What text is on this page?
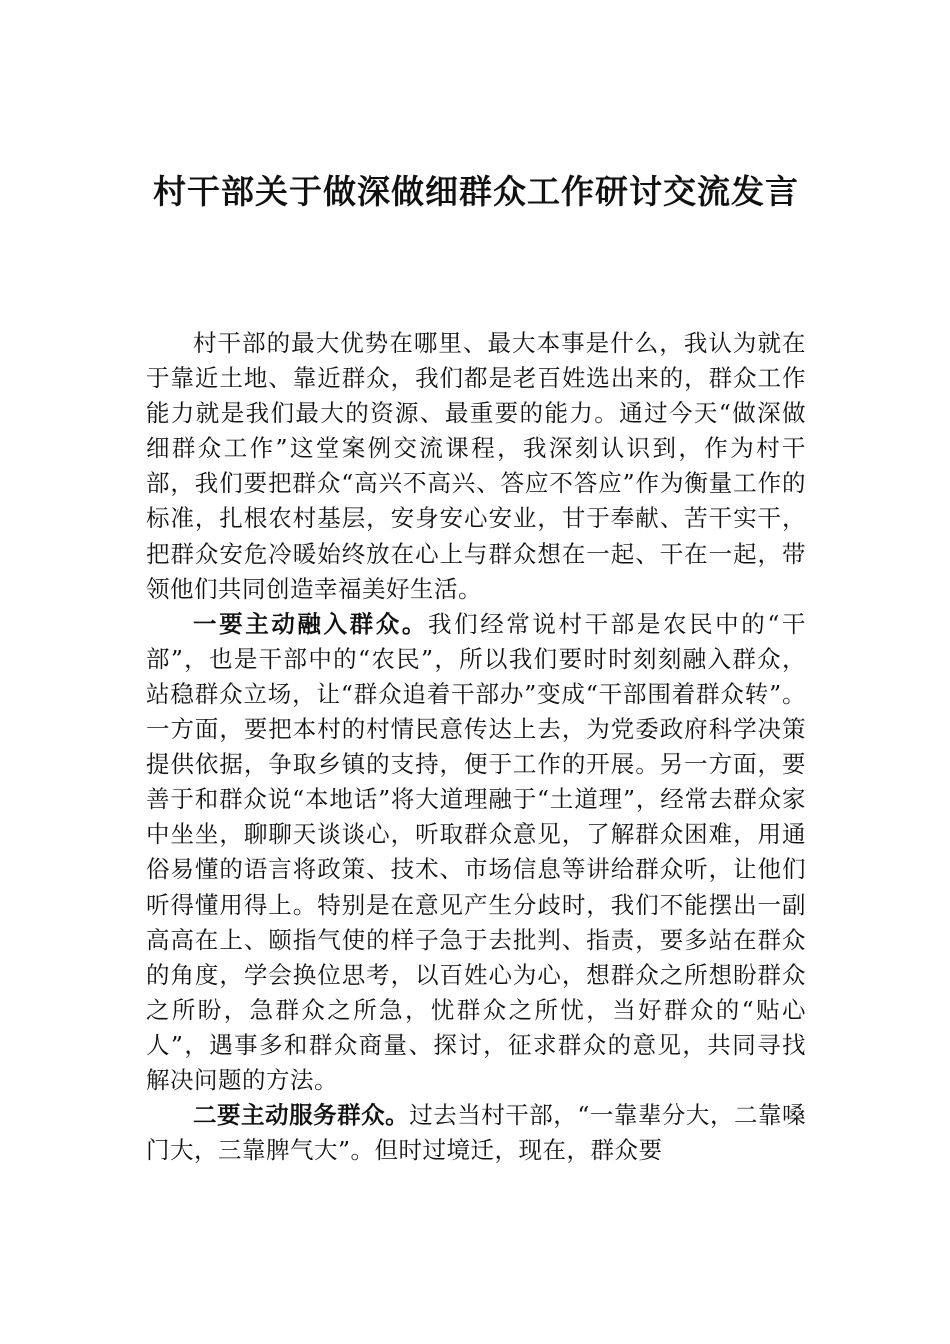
村干部关于做深做细群众工作研讨交流发言

村干部的最大优势在哪里、最大本事是什么，我认为就在于靠近土地、靠近群众，我们都是老百姓选出来的，群众工作能力就是我们最大的资源、最重要的能力。通过今天“做深做细群众工作”这堂案例交流课程，我深刻认识到，作为村干部，我们要把群众“高兴不高兴、答应不答应”作为衡量工作的标准，扎根农村基层，安身安心安业，甘于奉献、苦干实干，把群众安危冷暖始终放在心上与群众想在一起、干在一起，带领他们共同创造幸福美好生活。

一要主动融入群众。我们经常说村干部是农民中的“干部”，也是干部中的“农民”，所以我们要时时刻刻融入群众，站稳群众立场，让“群众追着干部办”变成“干部围着群众转”。一方面，要把本村的村情民意传达上去，为党委政府科学决策提供依据，争取乡镇的支持，便于工作的开展。另一方面，要善于和群众说“本地话”将大道理融于“土道理”，经常去群众家中坐坐，聊聊天谈谈心，听取群众意见，了解群众困难，用通俗易懂的语言将政策、技术、市场信息等讲给群众听，让他们听得懂用得上。特别是在意见产生分歧时，我们不能摆出一副高高在上、颐指气使的样子急于去批判、指责，要多站在群众的角度，学会换位思考，以百姓心为心，想群众之所想盼群众之所盼，急群众之所急，忧群众之所忧，当好群众的“贴心人”，遇事多和群众商量、探讨，征求群众的意见，共同寻找解决问题的方法。

二要主动服务群众。过去当村干部，“一靠辈分大，二靠嗓门大，三靠脾气大”。但时过境迁，现在，群众要
